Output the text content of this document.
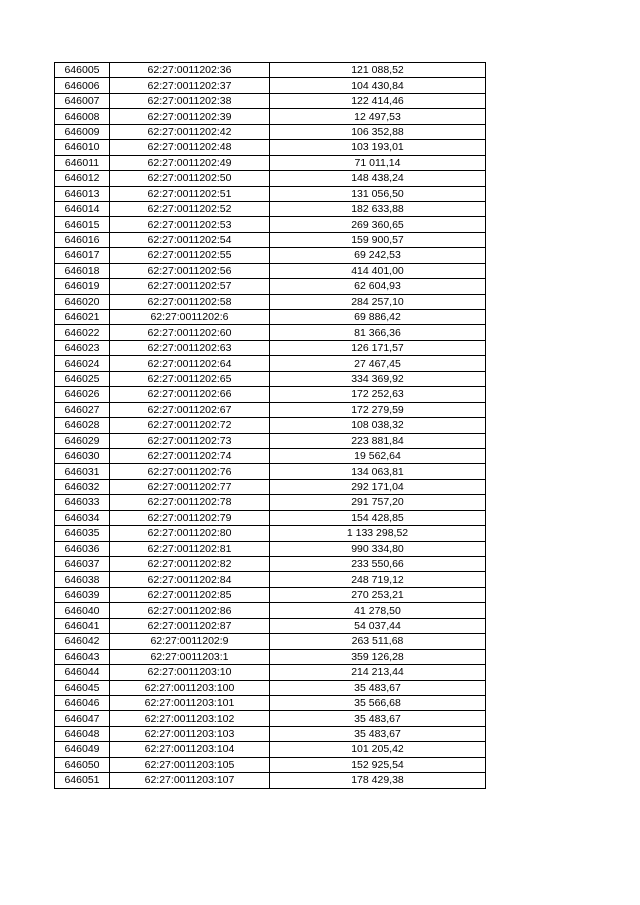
646005	62:27:0011202:36	121 088,52
646006	62:27:0011202:37	104 430,84
646007	62:27:0011202:38	122 414,46
646008	62:27:0011202:39	12 497,53
646009	62:27:0011202:42	106 352,88
646010	62:27:0011202:48	103 193,01
646011	62:27:0011202:49	71 011,14
646012	62:27:0011202:50	148 438,24
646013	62:27:0011202:51	131 056,50
646014	62:27:0011202:52	182 633,88
646015	62:27:0011202:53	269 360,65
646016	62:27:0011202:54	159 900,57
646017	62:27:0011202:55	69 242,53
646018	62:27:0011202:56	414 401,00
646019	62:27:0011202:57	62 604,93
646020	62:27:0011202:58	284 257,10
646021	62:27:0011202:6	69 886,42
646022	62:27:0011202:60	81 366,36
646023	62:27:0011202:63	126 171,57
646024	62:27:0011202:64	27 467,45
646025	62:27:0011202:65	334 369,92
646026	62:27:0011202:66	172 252,63
646027	62:27:0011202:67	172 279,59
646028	62:27:0011202:72	108 038,32
646029	62:27:0011202:73	223 881,84
646030	62:27:0011202:74	19 562,64
646031	62:27:0011202:76	134 063,81
646032	62:27:0011202:77	292 171,04
646033	62:27:0011202:78	291 757,20
646034	62:27:0011202:79	154 428,85
646035	62:27:0011202:80	1 133 298,52
646036	62:27:0011202:81	990 334,80
646037	62:27:0011202:82	233 550,66
646038	62:27:0011202:84	248 719,12
646039	62:27:0011202:85	270 253,21
646040	62:27:0011202:86	41 278,50
646041	62:27:0011202:87	54 037,44
646042	62:27:0011202:9	263 511,68
646043	62:27:0011203:1	359 126,28
646044	62:27:0011203:10	214 213,44
646045	62:27:0011203:100	35 483,67
646046	62:27:0011203:101	35 566,68
646047	62:27:0011203:102	35 483,67
646048	62:27:0011203:103	35 483,67
646049	62:27:0011203:104	101 205,42
646050	62:27:0011203:105	152 925,54
646051	62:27:0011203:107	178 429,38
